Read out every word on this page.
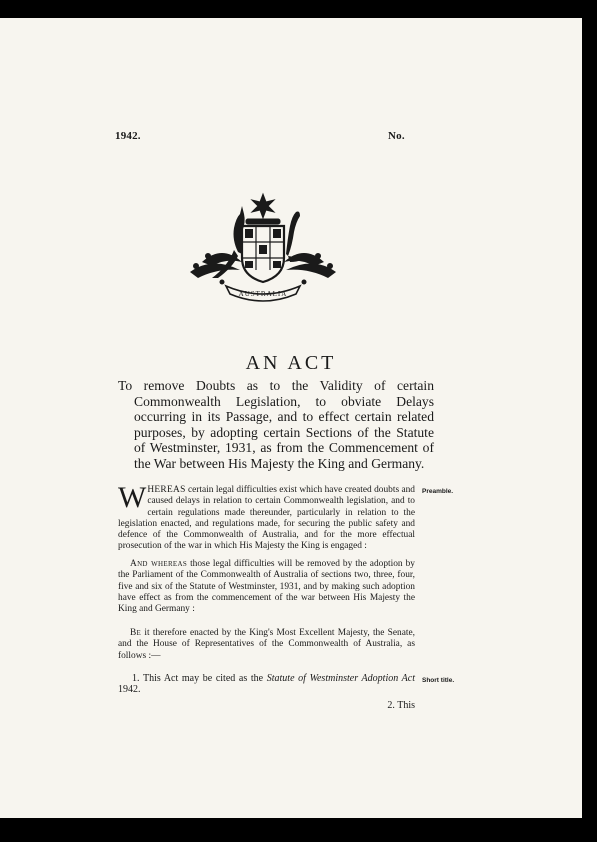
1942.	No.
AUSTRALIA
AN ACT
To remove Doubts as to the Validity of certain Commonwealth Legislation, to obviate Delays occurring in its Passage, and to effect certain related purposes, by adopting certain Sections of the Statute of Westminster, 1931, as from the Commencement of the War between His Majesty the King and Germany.
WHEREAS certain legal difficulties exist which have created doubts and caused delays in relation to certain Commonwealth legislation, and to certain regulations made thereunder, particularly in relation to the legislation enacted, and regulations made, for securing the public safety and defence of the Commonwealth of Australia, and for the more effectual prosecution of the war in which His Majesty the King is engaged :
Preamble.
And whereas those legal difficulties will be removed by the adoption by the Parliament of the Commonwealth of Australia of sections two, three, four, five and six of the Statute of Westminster, 1931, and by making such adoption have effect as from the commencement of the war between His Majesty the King and Germany :
Be it therefore enacted by the King's Most Excellent Majesty, the Senate, and the House of Representatives of the Commonwealth of Australia, as follows :—
1. This Act may be cited as the Statute of Westminster Adoption Act 1942.
Short title.
2. This
